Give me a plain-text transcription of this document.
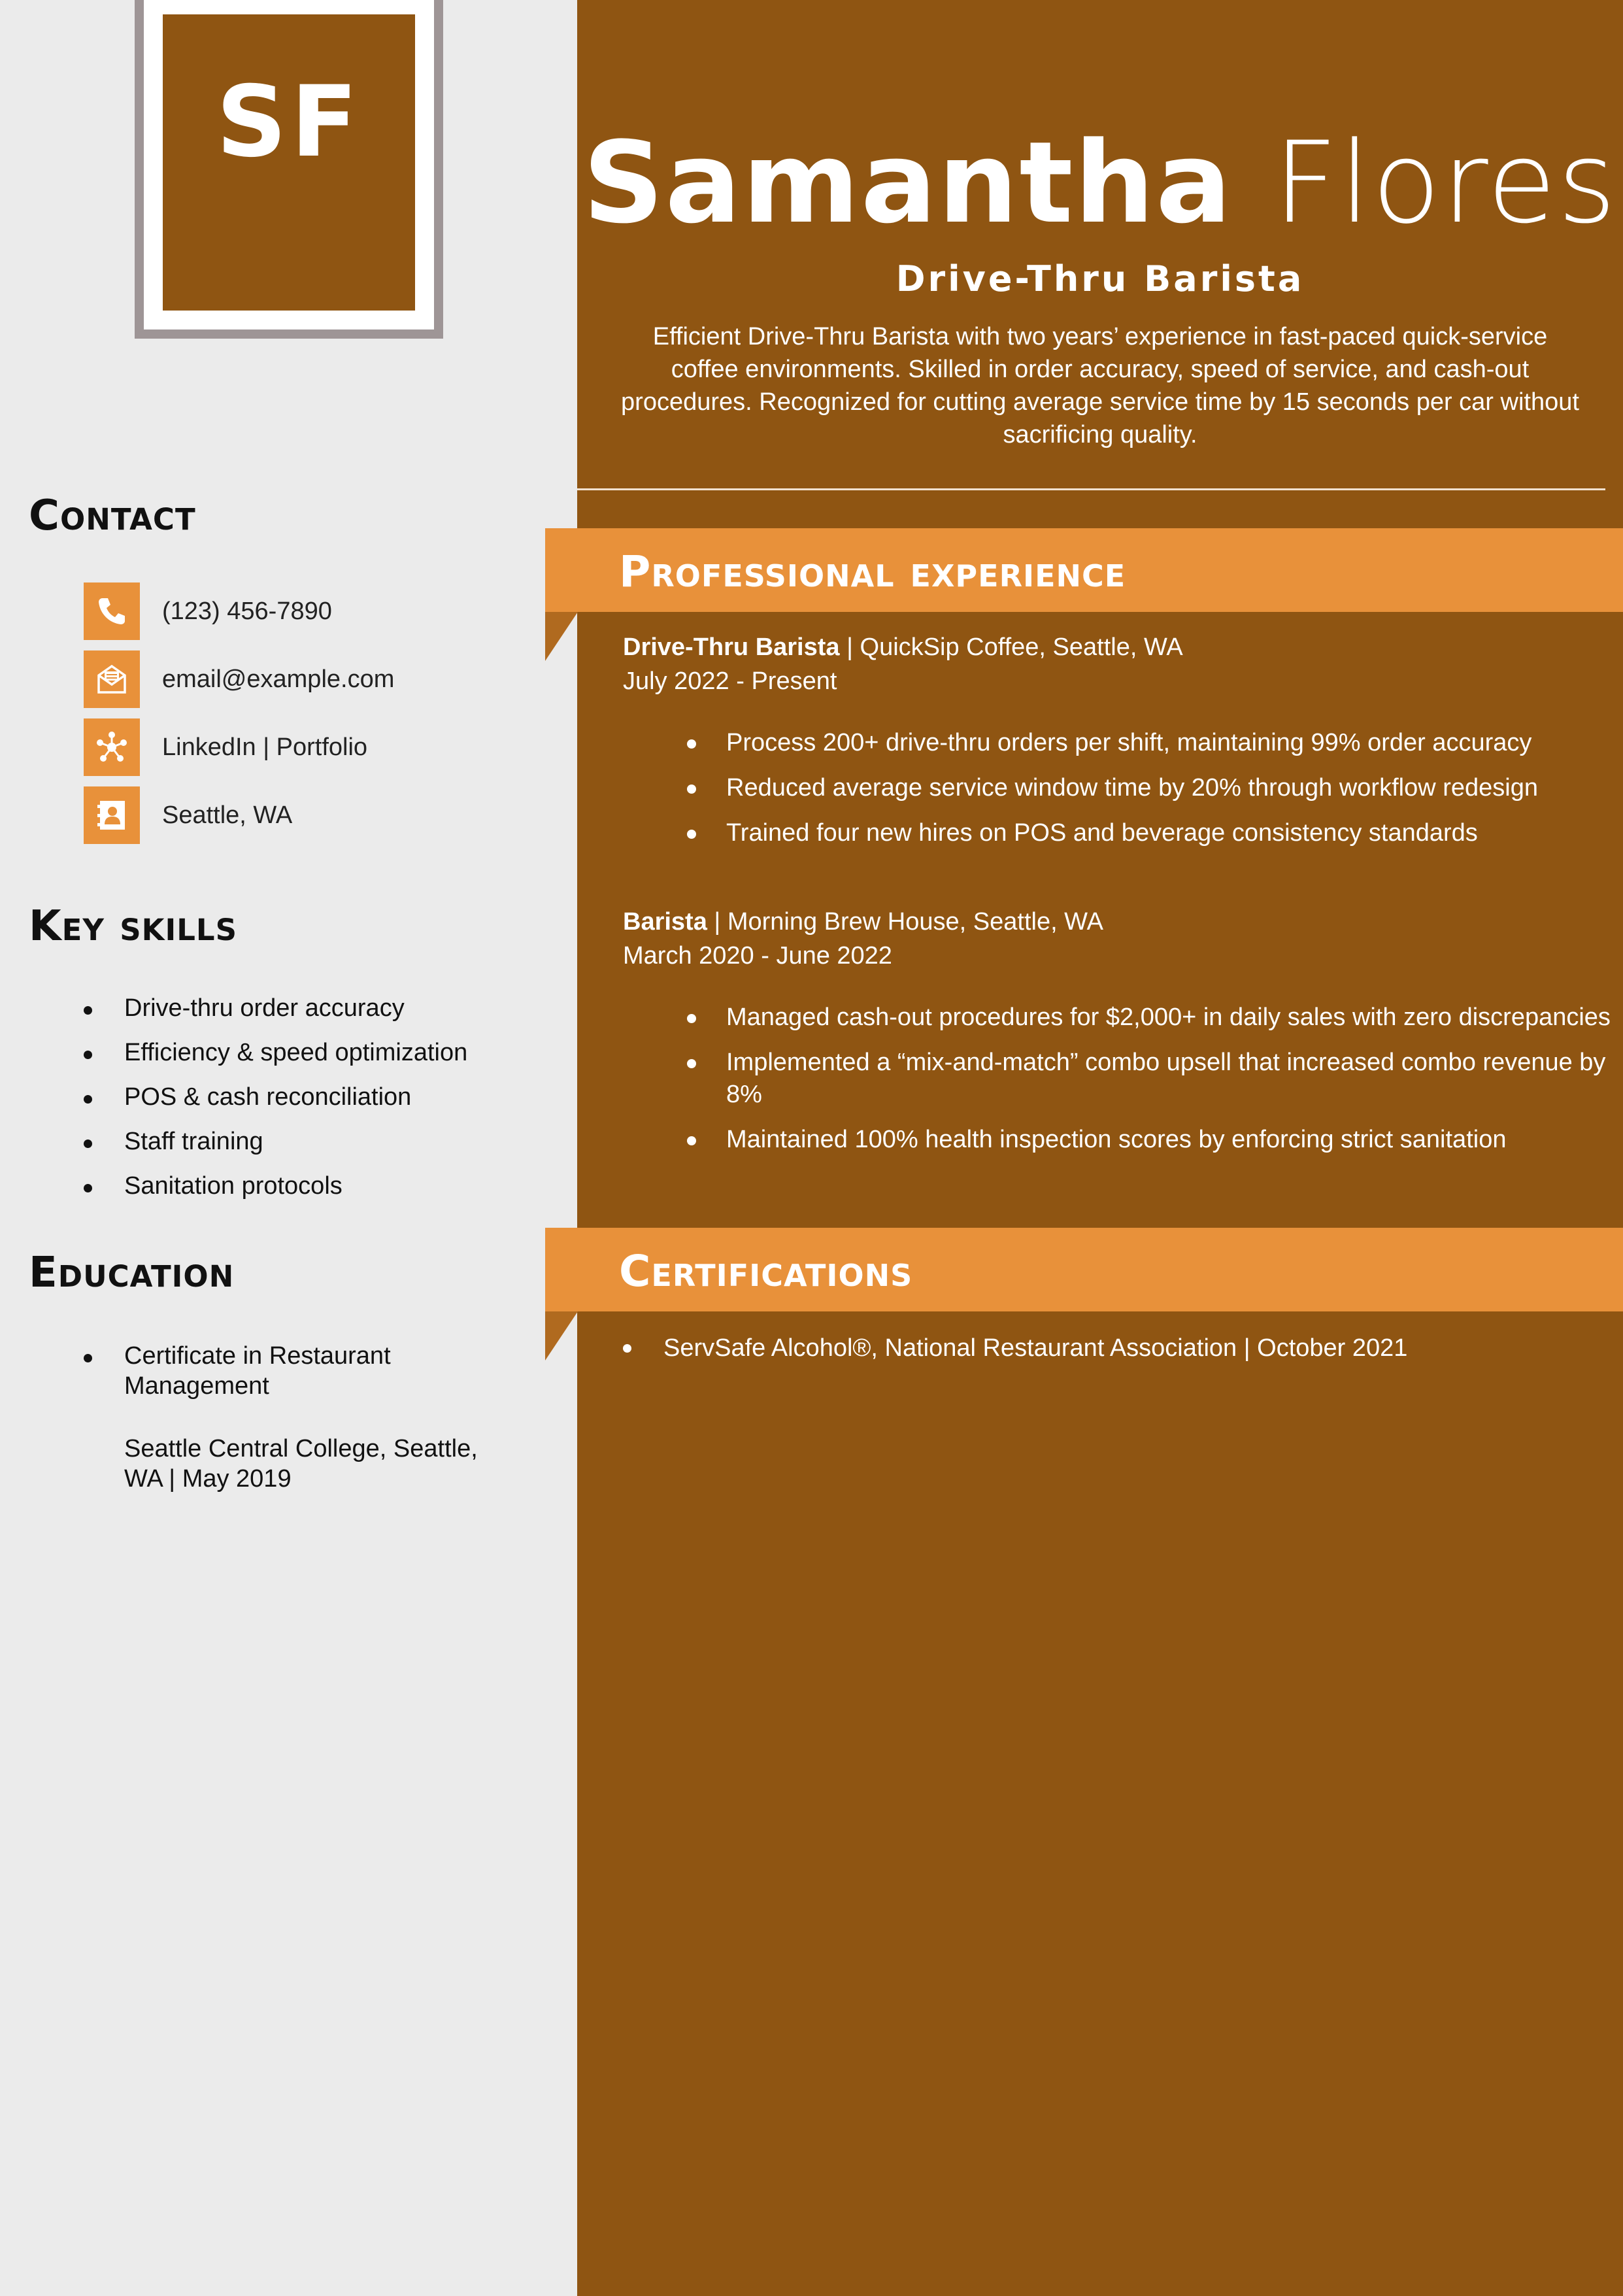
SF
Contact
(123) 456-7890
email@example.com
LinkedIn | Portfolio
Seattle, WA
Key skills
Drive-thru order accuracy
Efficiency & speed optimization
POS & cash reconciliation
Staff training
Sanitation protocols
Education
Certificate in Restaurant
Management
Seattle Central College, Seattle,
WA | May 2019
Samantha Flores

Drive-Thru Barista

Efficient Drive-Thru Barista with two years’ experience in fast-paced quick-service coffee environments. Skilled in order accuracy, speed of service, and cash-out procedures. Recognized for cutting average service time by 15 seconds per car without sacrificing quality.

Professional experience

Drive-Thru Barista | QuickSip Coffee, Seattle, WA

July 2022 - Present

Process 200+ drive-thru orders per shift, maintaining 99% order accuracy
Reduced average service window time by 20% through workflow redesign
Trained four new hires on POS and beverage consistency standards

Barista | Morning Brew House, Seattle, WA

March 2020 - June 2022

Managed cash-out procedures for $2,000+ in daily sales with zero discrepancies
Implemented a “mix-and-match” combo upsell that increased combo revenue by 8%
Maintained 100% health inspection scores by enforcing strict sanitation
Certifications
ServSafe Alcohol®, National Restaurant Association | October 2021
